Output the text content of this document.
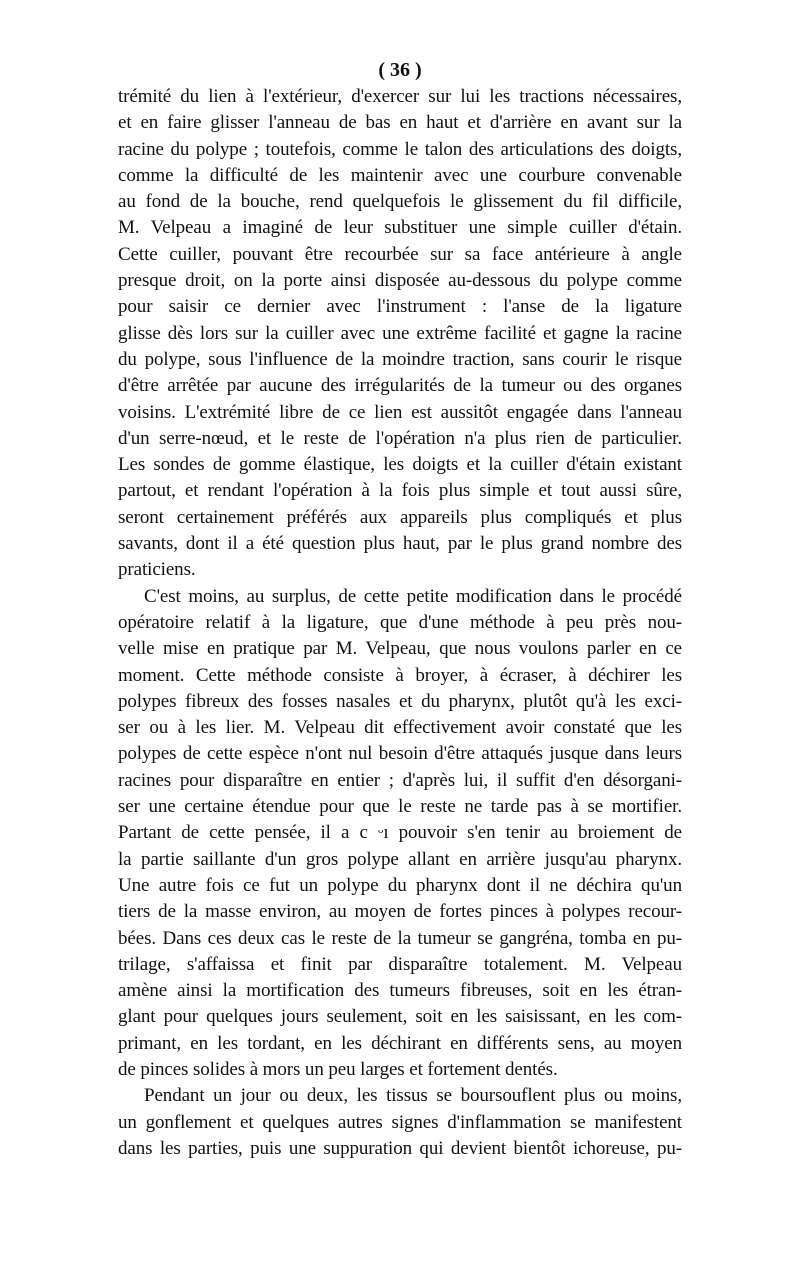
( 36 )
trémité du lien à l'extérieur, d'exercer sur lui les tractions nécessaires,
et en faire glisser l'anneau de bas en haut et d'arrière en avant sur la
racine du polype ; toutefois, comme le talon des articulations des doigts,
comme la difficulté de les maintenir avec une courbure convenable
au fond de la bouche, rend quelquefois le glissement du fil difficile,
M. Velpeau a imaginé de leur substituer une simple cuiller d'étain.
Cette cuiller, pouvant être recourbée sur sa face antérieure à angle
presque droit, on la porte ainsi disposée au-dessous du polype comme
pour saisir ce dernier avec l'instrument : l'anse de la ligature
glisse dès lors sur la cuiller avec une extrême facilité et gagne la racine
du polype, sous l'influence de la moindre traction, sans courir le risque
d'être arrêtée par aucune des irrégularités de la tumeur ou des organes
voisins. L'extrémité libre de ce lien est aussitôt engagée dans l'anneau
d'un serre-nœud, et le reste de l'opération n'a plus rien de particulier.
Les sondes de gomme élastique, les doigts et la cuiller d'étain existant
partout, et rendant l'opération à la fois plus simple et tout aussi sûre,
seront certainement préférés aux appareils plus compliqués et plus
savants, dont il a été question plus haut, par le plus grand nombre des
praticiens.
C'est moins, au surplus, de cette petite modification dans le procédé
opératoire relatif à la ligature, que d'une méthode à peu près nou-
velle mise en pratique par M. Velpeau, que nous voulons parler en ce
moment. Cette méthode consiste à broyer, à écraser, à déchirer les
polypes fibreux des fosses nasales et du pharynx, plutôt qu'à les exci-
ser ou à les lier. M. Velpeau dit effectivement avoir constaté que les
polypes de cette espèce n'ont nul besoin d'être attaqués jusque dans leurs
racines pour disparaître en entier ; d'après lui, il suffit d'en désorgani-
ser une certaine étendue pour que le reste ne tarde pas à se mortifier.
Partant de cette pensée, il a c ᵕı pouvoir s'en tenir au broiement de
la partie saillante d'un gros polype allant en arrière jusqu'au pharynx.
Une autre fois ce fut un polype du pharynx dont il ne déchira qu'un
tiers de la masse environ, au moyen de fortes pinces à polypes recour-
bées. Dans ces deux cas le reste de la tumeur se gangréna, tomba en pu-
trilage, s'affaissa et finit par disparaître totalement. M. Velpeau
amène ainsi la mortification des tumeurs fibreuses, soit en les étran-
glant pour quelques jours seulement, soit en les saisissant, en les com-
primant, en les tordant, en les déchirant en différents sens, au moyen
de pinces solides à mors un peu larges et fortement dentés.
Pendant un jour ou deux, les tissus se boursouflent plus ou moins,
un gonflement et quelques autres signes d'inflammation se manifestent
dans les parties, puis une suppuration qui devient bientôt ichoreuse, pu-
